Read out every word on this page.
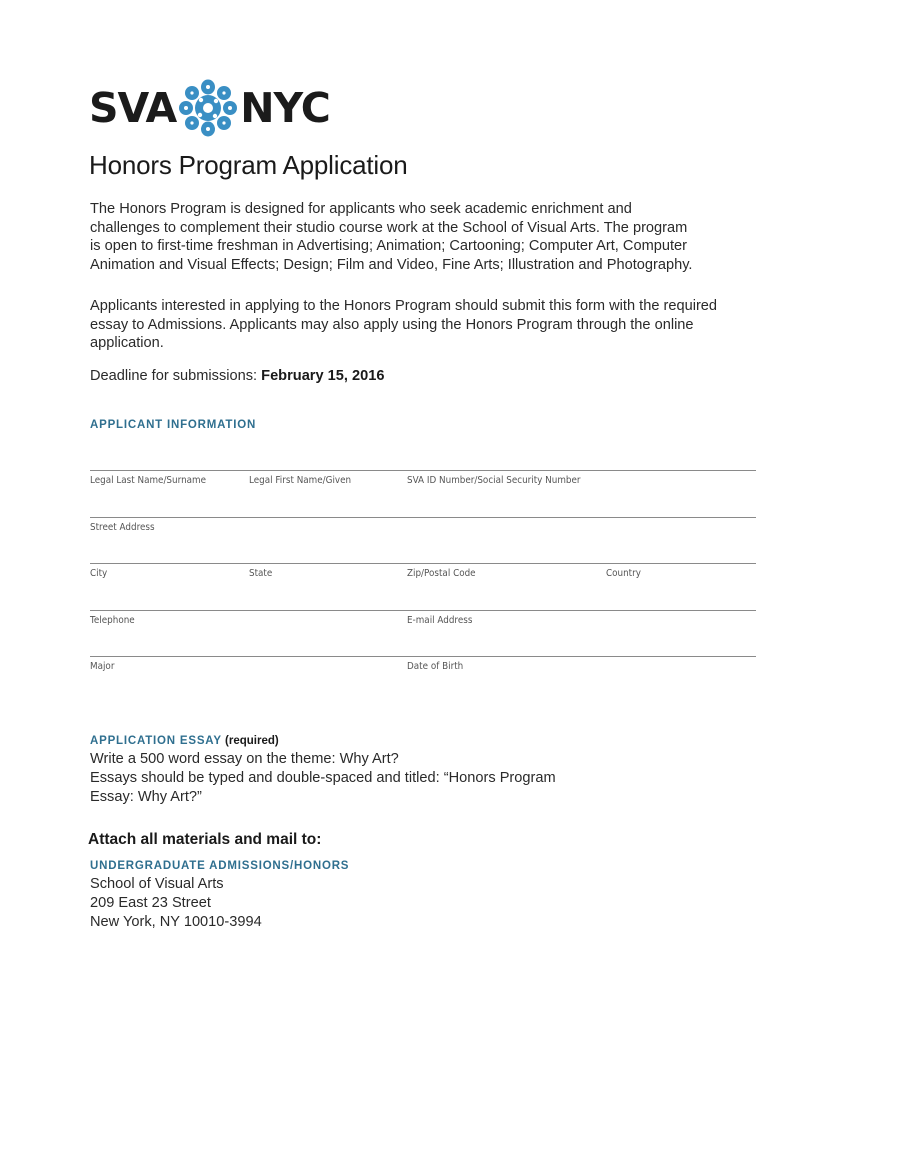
SVA NYC
Honors Program Application

The Honors Program is designed for applicants who seek academic enrichment and
challenges to complement their studio course work at the School of Visual Arts. The program
is open to first-time freshman in Advertising; Animation; Cartooning; Computer Art, Computer
Animation and Visual Effects; Design; Film and Video, Fine Arts; Illustration and Photography.

Applicants interested in applying to the Honors Program should submit this form with the required
essay to Admissions. Applicants may also apply using the Honors Program through the online
application.

Deadline for submissions: February 15, 2016
APPLICANT INFORMATION
Legal Last Name/Surname	Legal First Name/Given	SVA ID Number/Social Security Number
Street Address
City	State	Zip/Postal Code	Country
Telephone	E-mail Address
Major	Date of Birth
APPLICATION ESSAY (required)

Write a 500 word essay on the theme: Why Art?
Essays should be typed and double-spaced and titled: “Honors Program
Essay: Why Art?”

Attach all materials and mail to:
UNDERGRADUATE ADMISSIONS/HONORS

School of Visual Arts
209 East 23 Street
New York, NY 10010-3994
